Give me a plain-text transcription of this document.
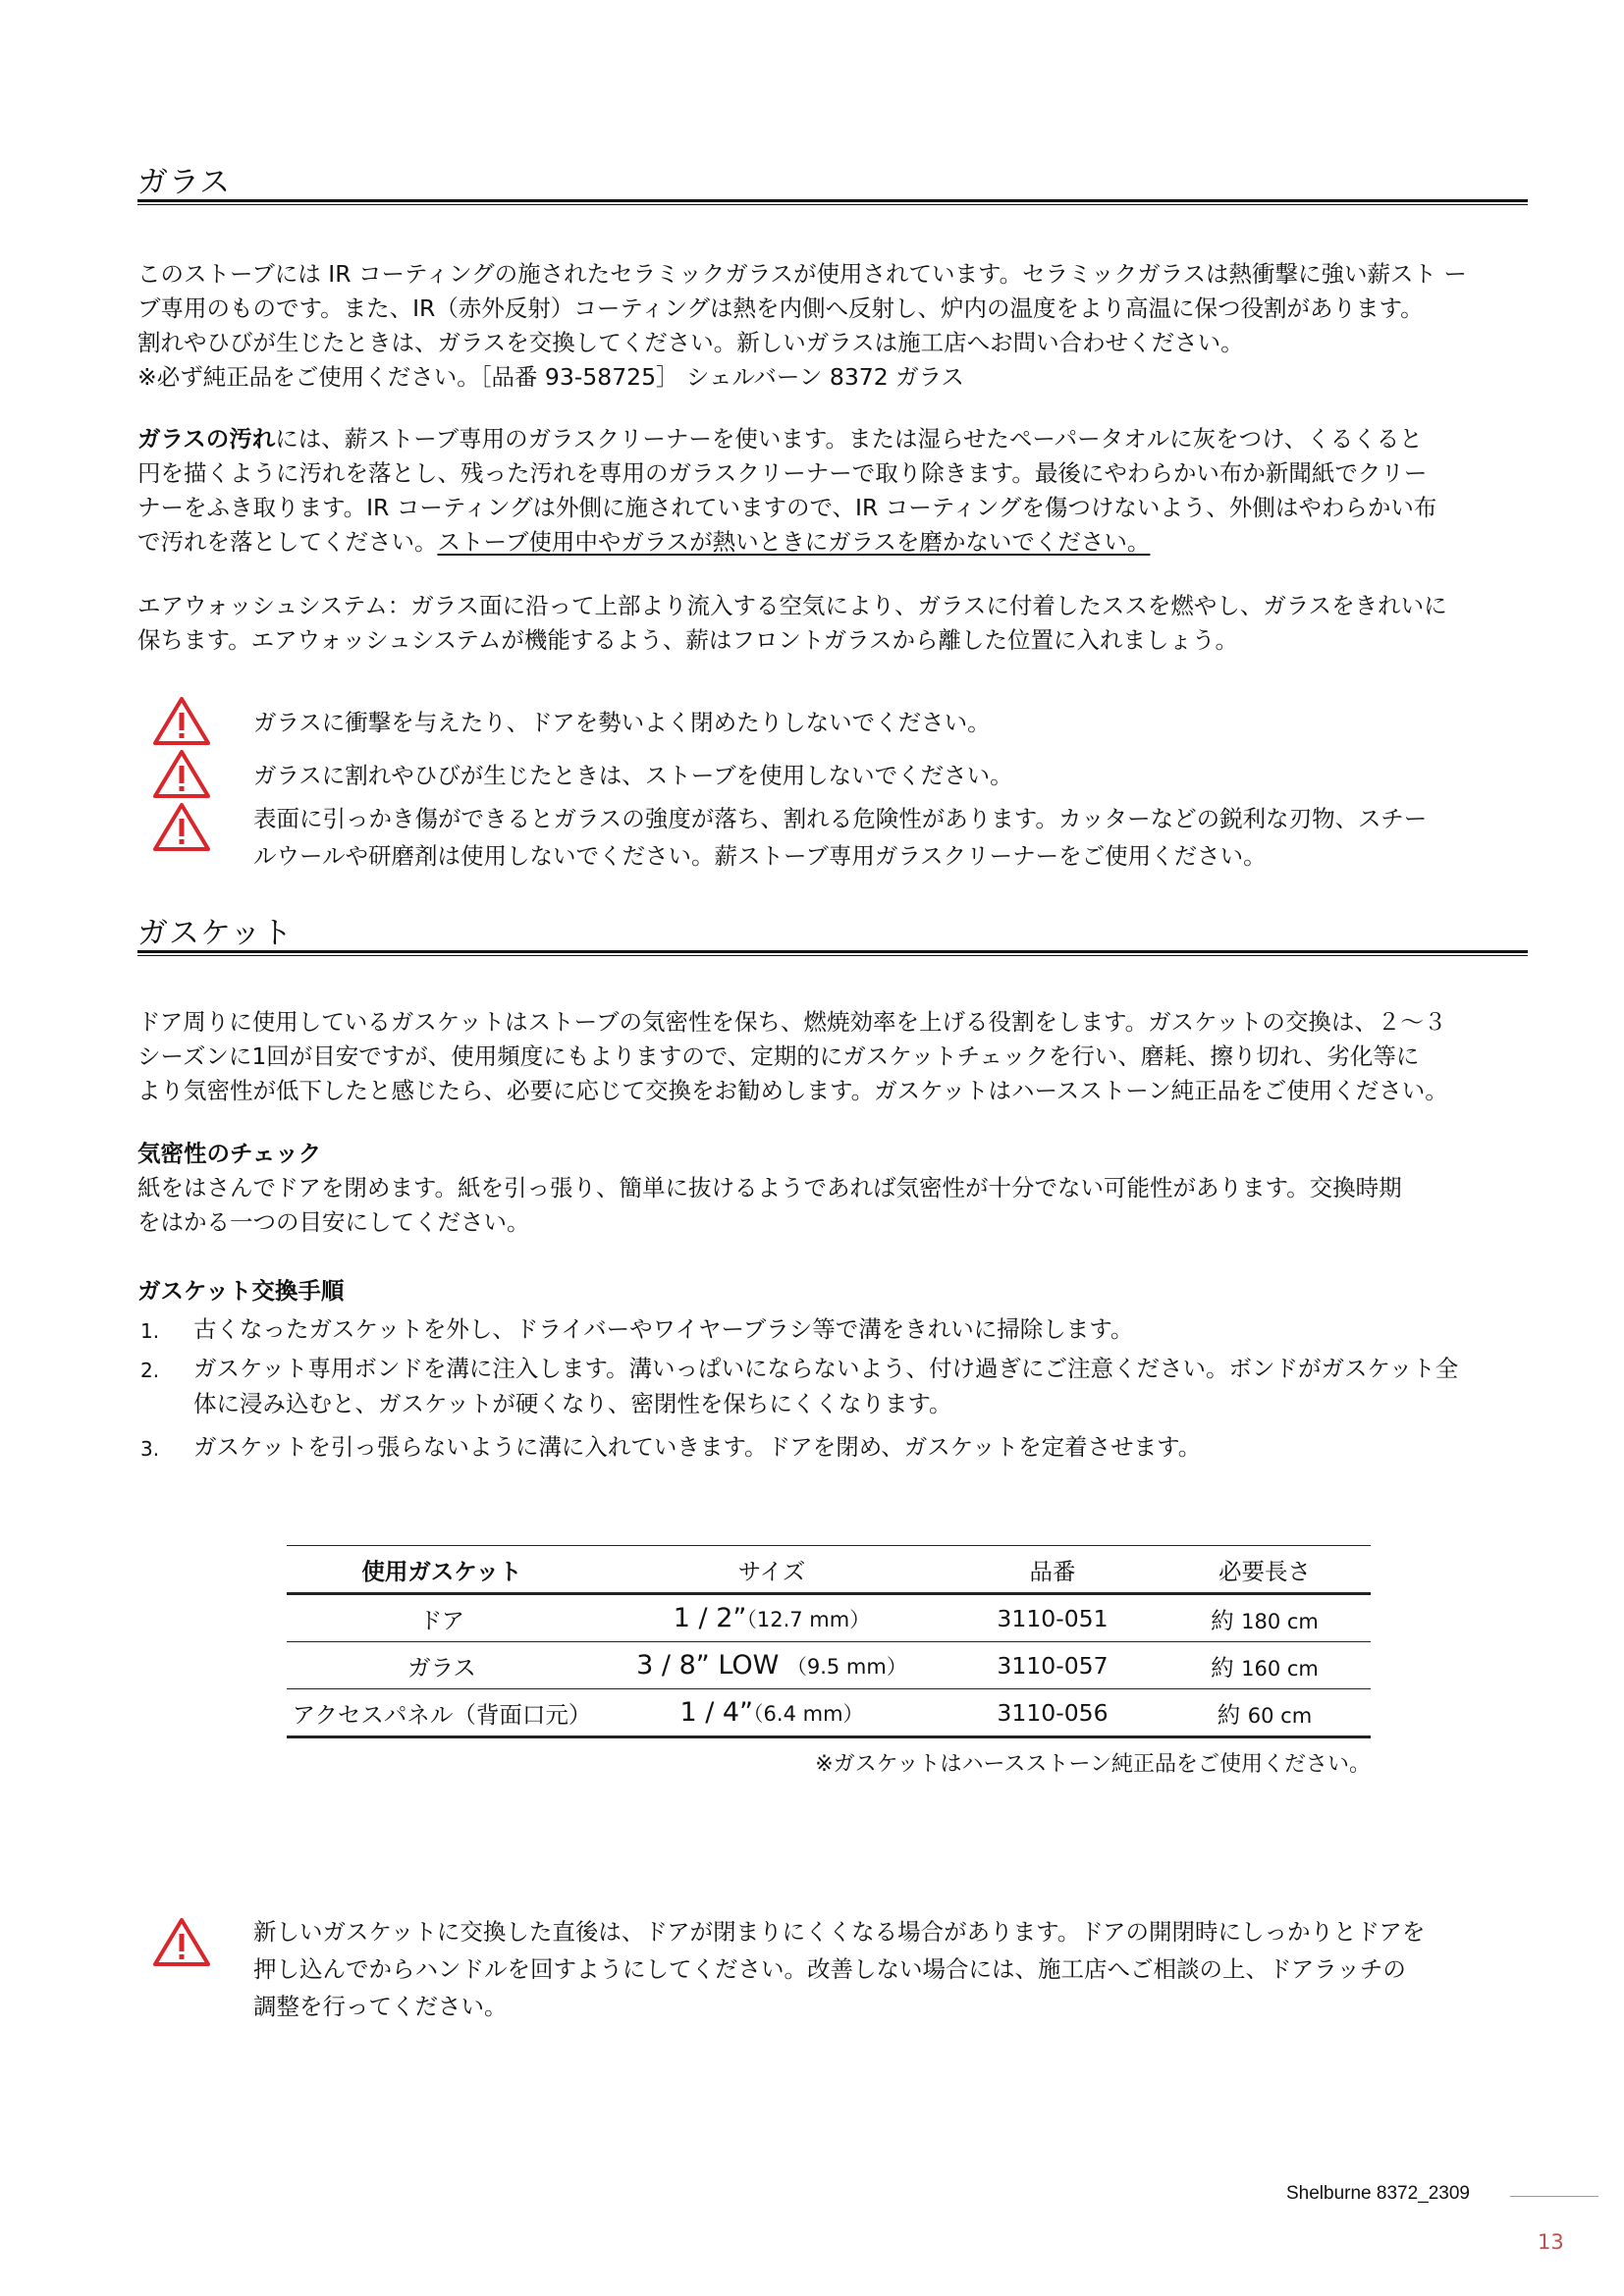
ガラス

このストーブには IR コーティングの施されたセラミックガラスが使用されています。セラミックガラスは熱衝撃に強い薪スト ー

ブ専用のものです。また、IR（赤外反射）コーティングは熱を内側へ反射し、炉内の温度をより高温に保つ役割があります。

割れやひびが生じたときは、ガラスを交換してください。新しいガラスは施工店へお問い合わせください。

※必ず純正品をご使用ください。［品番 93-58725］ シェルバーン 8372 ガラス

ガラスの汚れには、薪ストーブ専用のガラスクリーナーを使います。または湿らせたペーパータオルに灰をつけ、くるくると

円を描くように汚れを落とし、残った汚れを専用のガラスクリーナーで取り除きます。最後にやわらかい布か新聞紙でクリー

ナーをふき取ります。IR コーティングは外側に施されていますので、IR コーティングを傷つけないよう、外側はやわらかい布

で汚れを落としてください。ストーブ使用中やガラスが熱いときにガラスを磨かないでください。

エアウォッシュシステム：ガラス面に沿って上部より流入する空気により、ガラスに付着したススを燃やし、ガラスをきれいに

保ちます。エアウォッシュシステムが機能するよう、薪はフロントガラスから離した位置に入れましょう。

ガラスに衝撃を与えたり、ドアを勢いよく閉めたりしないでください。
ガラスに割れやひびが生じたときは、ストーブを使用しないでください。
表面に引っかき傷ができるとガラスの強度が落ち、割れる危険性があります。カッターなどの鋭利な刃物、スチー
ルウールや研磨剤は使用しないでください。薪ストーブ専用ガラスクリーナーをご使用ください。
ガスケット

ドア周りに使用しているガスケットはストーブの気密性を保ち、燃焼効率を上げる役割をします。ガスケットの交換は、２〜３

シーズンに1回が目安ですが、使用頻度にもよりますので、定期的にガスケットチェックを行い、磨耗、擦り切れ、劣化等に

より気密性が低下したと感じたら、必要に応じて交換をお勧めします。ガスケットはハースストーン純正品をご使用ください。

気密性のチェック

紙をはさんでドアを閉めます。紙を引っ張り、簡単に抜けるようであれば気密性が十分でない可能性があります。交換時期

をはかる一つの目安にしてください。

ガスケット交換手順

1. 古くなったガスケットを外し、ドライバーやワイヤーブラシ等で溝をきれいに掃除します。
2. ガスケット専用ボンドを溝に注入します。溝いっぱいにならないよう、付け過ぎにご注意ください。ボンドがガスケット全
体に浸み込むと、ガスケットが硬くなり、密閉性を保ちにくくなります。
3. ガスケットを引っ張らないように溝に入れていきます。ドアを閉め、ガスケットを定着させます。
使用ガスケット	サイズ	品番	必要長さ
ドア	1 / 2”（12.7 mm）	3110-051	約 180 cm
ガラス	3 / 8” LOW （9.5 mm）	3110-057	約 160 cm
アクセスパネル（背面口元）	1 / 4”（6.4 mm）	3110-056	約 60 cm
※ガスケットはハースストーン純正品をご使用ください。
新しいガスケットに交換した直後は、ドアが閉まりにくくなる場合があります。ドアの開閉時にしっかりとドアを
押し込んでからハンドルを回すようにしてください。改善しない場合には、施工店へご相談の上、ドアラッチの
調整を行ってください。
Shelburne 8372_2309
13
